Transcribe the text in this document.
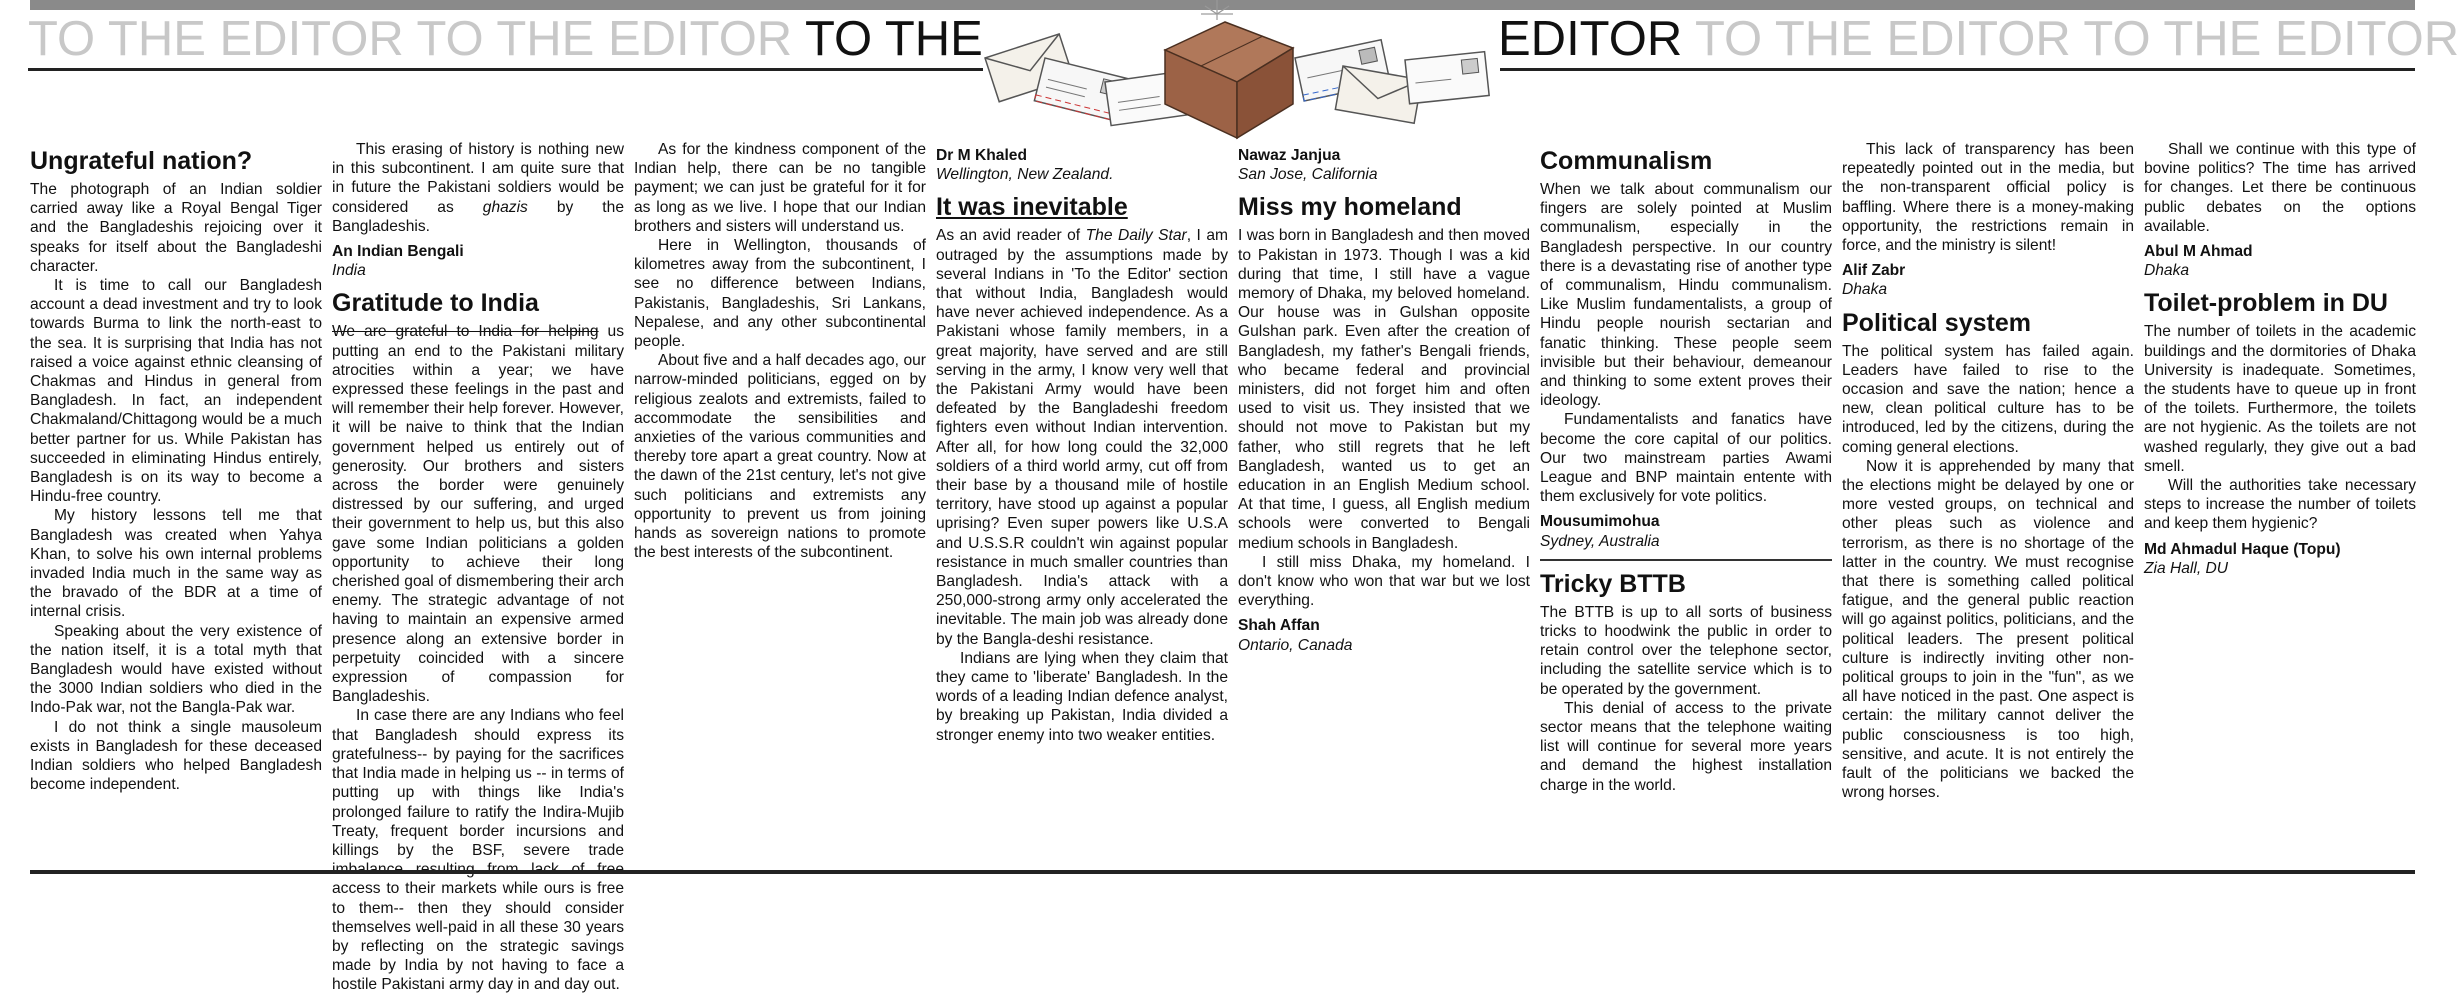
TO THE EDITOR TO THE EDITOR TO THE	EDITOR TO THE EDITOR TO THE EDITOR
Ungrateful nation?

The photograph of an Indian soldier carried away like a Royal Bengal Tiger and the Bangladeshis rejoicing over it speaks for itself about the Bangladeshi character.

It is time to call our Bangladesh account a dead investment and try to look towards Burma to link the north-east to the sea. It is surprising that India has not raised a voice against ethnic cleansing of Chakmas and Hindus in general from Bangladesh. In fact, an independent Chakmaland/Chittagong would be a much better partner for us. While Pakistan has succeeded in eliminating Hindus entirely, Bangladesh is on its way to become a Hindu-free country.

My history lessons tell me that Bangladesh was created when Yahya Khan, to solve his own internal problems invaded India much in the same way as the bravado of the BDR at a time of internal crisis.

Speaking about the very existence of the nation itself, it is a total myth that Bangladesh would have existed without the 3000 Indian soldiers who died in the Indo-Pak war, not the Bangla-Pak war.

I do not think a single mausoleum exists in Bangladesh for these deceased Indian soldiers who helped Bangladesh become independent.

This erasing of history is nothing new in this subcontinent. I am quite sure that in future the Pakistani soldiers would be considered as ghazis by the Bangladeshis.

An Indian Bengali
India
Gratitude to India

We are grateful to India for helping us putting an end to the Pakistani military atrocities within a year; we have expressed these feelings in the past and will remember their help forever. However, it will be naive to think that the Indian government helped us entirely out of generosity. Our brothers and sisters across the border were genuinely distressed by our suffering, and urged their government to help us, but this also gave some Indian politicians a golden opportunity to achieve their long cherished goal of dismembering their arch enemy. The strategic advantage of not having to maintain an expensive armed presence along an extensive border in perpetuity coincided with a sincere expression of compassion for Bangladeshis.

In case there are any Indians who feel that Bangladesh should express its gratefulness-- by paying for the sacrifices that India made in helping us -- in terms of putting up with things like India's prolonged failure to ratify the Indira-Mujib Treaty, frequent border incursions and killings by the BSF, severe trade access to their markets while ours is free to them-- then they should consider themselves well-paid in all these 30 years by reflecting on the strategic savings made by India by not having to face a hostile Pakistani army day in and day out.

As for the kindness component of the Indian help, there can be no tangible payment; we can just be grateful for it for as long as we live. I hope that our Indian brothers and sisters will understand us.

Here in Wellington, thousands of kilometres away from the subcontinent, I see no difference between Indians, Pakistanis, Bangladeshis, Sri Lankans, Nepalese, and any other subcontinental people.

About five and a half decades ago, our narrow-minded politicians, egged on by religious zealots and extremists, failed to accommodate the sensibilities and anxieties of the various communities and thereby tore apart a great country. Now at the dawn of the 21st century, let's not give such politicians and extremists any opportunity to prevent us from joining hands as sovereign nations to promote the best interests of the subcontinent.

Dr M Khaled
Wellington, New Zealand.
It was inevitable

As an avid reader of The Daily Star, I am outraged by the assumptions made by several Indians in 'To the Editor' section that without India, Bangladesh would have never achieved independence. As a Pakistani whose family members, in a great majority, have served and are still serving in the army, I know very well that the Pakistani Army would have been defeated by the Bangladeshi freedom fighters even without Indian intervention. After all, for how long could the 32,000 soldiers of a third world army, cut off from their base by a thousand mile of hostile territory, have stood up against a popular uprising? Even super powers like U.S.A and U.S.S.R couldn't win against popular resistance in much smaller countries than Bangladesh. India's attack with a 250,000-strong army only accelerated the inevitable. The main job was already done by the Bangla-deshi resistance.

Indians are lying when they claim that they came to 'liberate' Bangladesh. In the words of a leading Indian defence analyst, by breaking up Pakistan, India divided a stronger enemy into two weaker entities.

Nawaz Janjua
San Jose, California
Miss my homeland

I was born in Bangladesh and then moved to Pakistan in 1973. Though I was a kid during that time, I still have a vague memory of Dhaka, my beloved homeland. Our house was in Gulshan opposite Gulshan park. Even after the creation of Bangladesh, my father's Bengali friends, who became federal and provincial ministers, did not forget him and often used to visit us. They insisted that we should not move to Pakistan but my father, who still regrets that he left Bangladesh, wanted us to get an education in an English Medium school. At that time, I guess, all English medium schools were converted to Bengali medium schools in Bangladesh.

I still miss Dhaka, my homeland. I don't know who won that war but we lost everything.

Shah Affan
Ontario, Canada
Communalism

When we talk about communalism our fingers are solely pointed at Muslim communalism, especially in the Bangladesh perspective. In our country there is a devastating rise of another type of communalism, Hindu communalism. Like Muslim fundamentalists, a group of Hindu people nourish sectarian and fanatic thinking. These people seem invisible but their behaviour, demeanour and thinking to some extent proves their ideology.

Fundamentalists and fanatics have become the core capital of our politics. Our two mainstream parties Awami League and BNP maintain entente with them exclusively for vote politics.

Mousumimohua
Sydney, Australia
Tricky BTTB

The BTTB is up to all sorts of business tricks to hoodwink the public in order to retain control over the telephone sector, including the satellite service which is to be operated by the government.

This denial of access to the private sector means that the telephone waiting list will continue for several more years and demand the highest installation charge in the world.

This lack of transparency has been repeatedly pointed out in the media, but the non-transparent official policy is baffling. Where there is a money-making opportunity, the restrictions remain in force, and the ministry is silent!

Alif Zabr
Dhaka
Political system

The political system has failed again. Leaders have failed to rise to the occasion and save the nation; hence a new, clean political culture has to be introduced, led by the citizens, during the coming general elections.

Now it is apprehended by many that the elections might be delayed by one or more vested groups, on technical and other pleas such as violence and terrorism, as there is no shortage of the latter in the country. We must recognise that there is something called political fatigue, and the general public reaction will go against politics, politicians, and the political leaders. The present political culture is indirectly inviting other non-political groups to join in the "fun", as we all have noticed in the past. One aspect is certain: the military cannot deliver the public consciousness is too high, sensitive, and acute. It is not entirely the fault of the politicians we backed the wrong horses.

Shall we continue with this type of bovine politics? The time has arrived for changes. Let there be continuous public debates on the options available.

Abul M Ahmad
Dhaka
Toilet-problem in DU

The number of toilets in the academic buildings and the dormitories of Dhaka University is inadequate. Sometimes, the students have to queue up in front of the toilets. Furthermore, the toilets are not hygienic. As the toilets are not washed regularly, they give out a bad smell.

Will the authorities take necessary steps to increase the number of toilets and keep them hygienic?

Md Ahmadul Haque (Topu)
Zia Hall, DU
